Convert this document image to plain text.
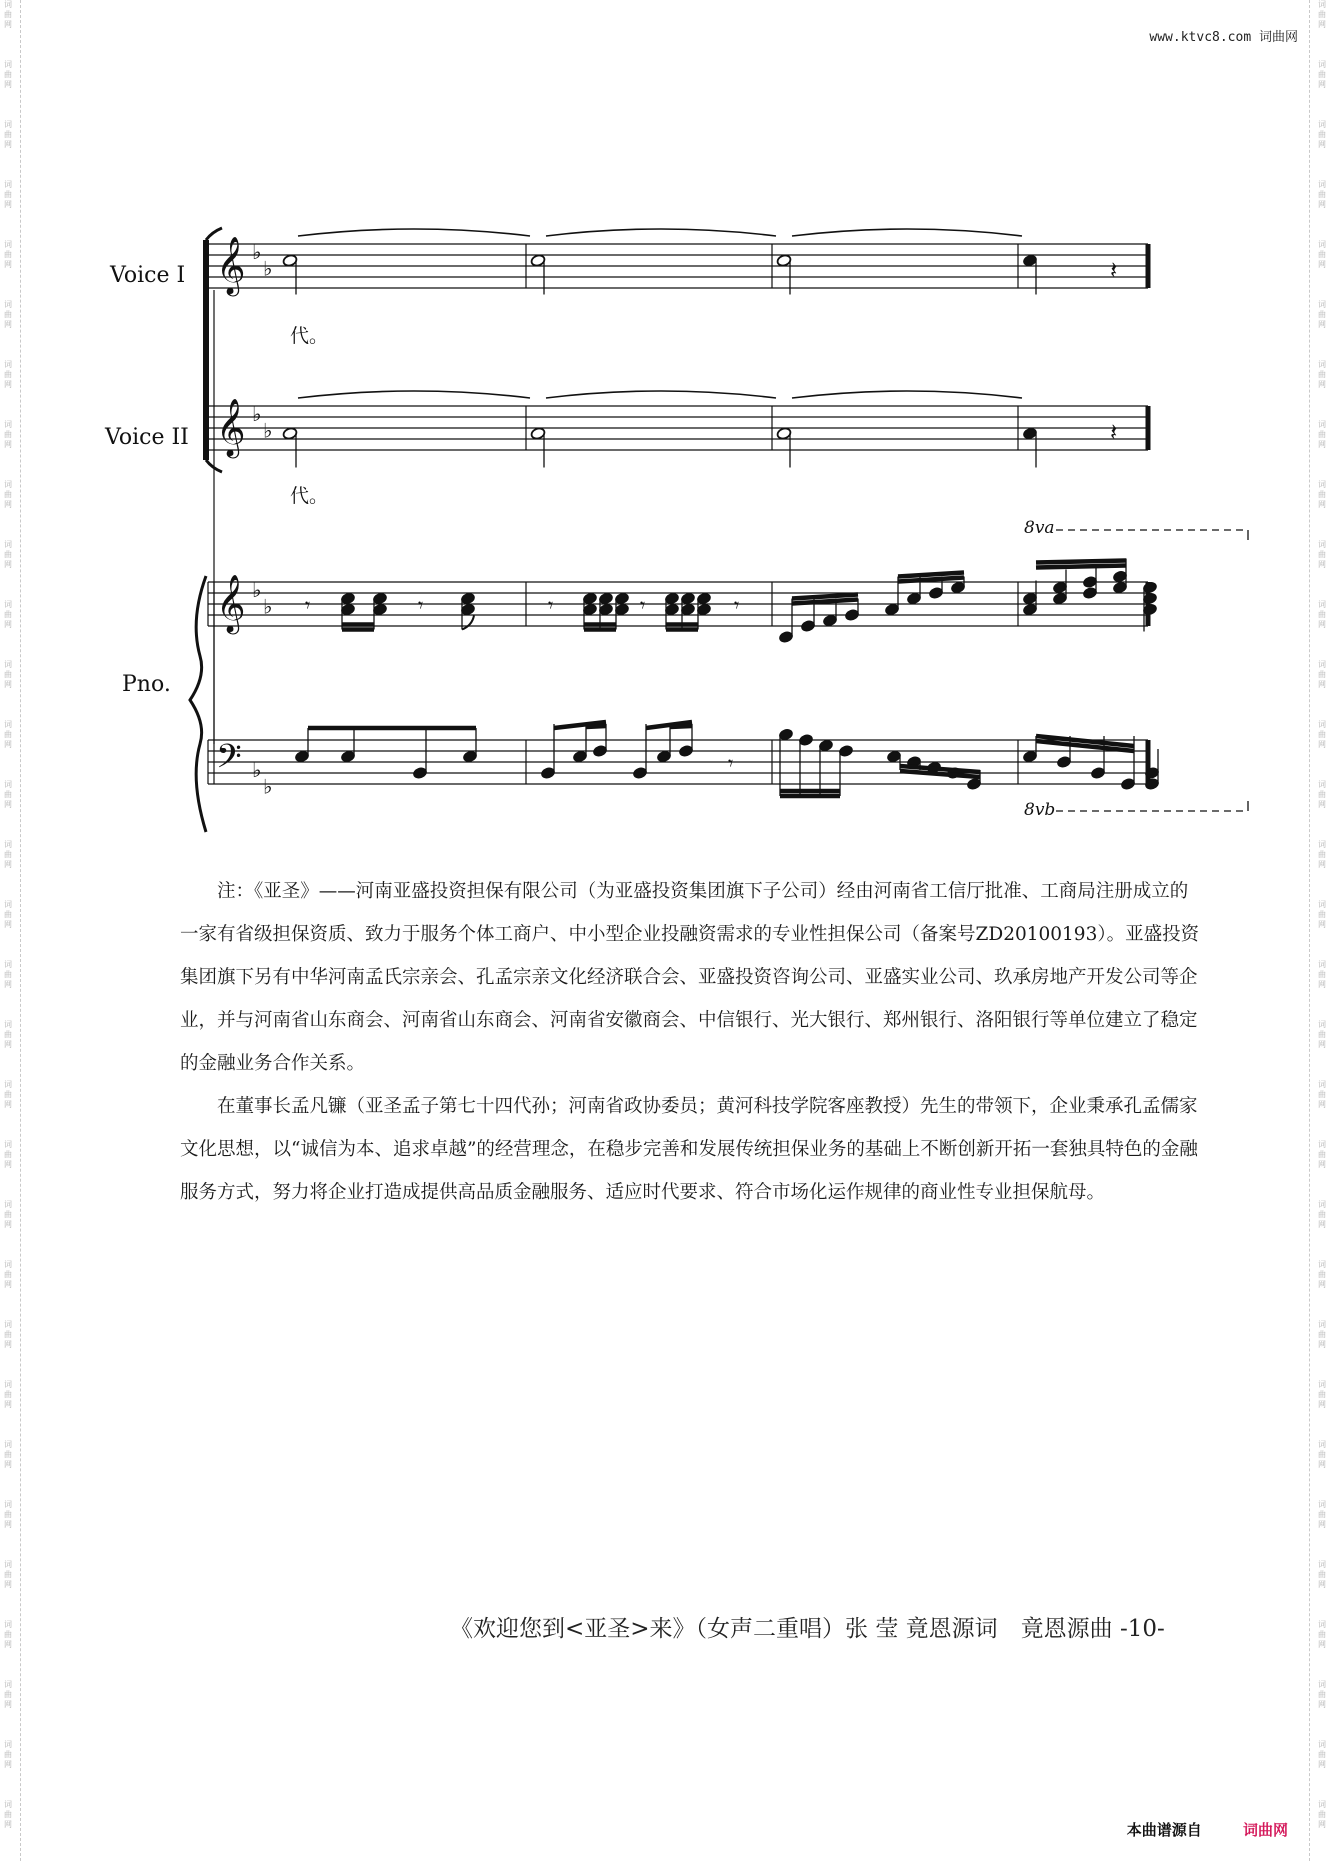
词
曲
网
词
曲
网
词
曲
网
词
曲
网
词
曲
网
词
曲
网
词
曲
网
词
曲
网
词
曲
网
词
曲
网
词
曲
网
词
曲
网
词
曲
网
词
曲
网
词
曲
网
词
曲
网
词
曲
网
词
曲
网
词
曲
网
词
曲
网
词
曲
网
词
曲
网
词
曲
网
词
曲
网
词
曲
网
词
曲
网
词
曲
网
词
曲
网
词
曲
网
词
曲
网
词
曲
网
词
曲
网
词
曲
网
词
曲
网
词
曲
网
词
曲
网
词
曲
网
词
曲
网
词
曲
网
词
曲
网
词
曲
网
词
曲
网
词
曲
网
词
曲
网
词
曲
网
词
曲
网
词
曲
网
词
曲
网
词
曲
网
词
曲
网
词
曲
网
词
曲
网
词
曲
网
词
曲
网
词
曲
网
词
曲
网
词
曲
网
词
曲
网
词
曲
网
词
曲
网
词
曲
网
词
曲
网
www.ktvc8.com 词曲网
𝄞 ♭
♭
Voice I	𝄽
代。
𝄞 ♭
♭
Voice II	𝄽
代。
8va
𝄞 ♭
♭
𝄢 ♭
♭
Pno.
𝄾	𝄾	𝄾	𝄾	𝄾
𝄾
8vb

注：《亚圣》——河南亚盛投资担保有限公司（为亚盛投资集团旗下子公司）经由河南省工信厅批准、工商局注册成立的一家有省级担保资质、致力于服务个体工商户、中小型企业投融资需求的专业性担保公司（备案号ZD20100193）。亚盛投资集团旗下另有中华河南孟氏宗亲会、孔孟宗亲文化经济联合会、亚盛投资咨询公司、亚盛实业公司、玖承房地产开发公司等企业，并与河南省山东商会、河南省山东商会、河南省安徽商会、中信银行、光大银行、郑州银行、洛阳银行等单位建立了稳定的金融业务合作关系。

在董事长孟凡镰（亚圣孟子第七十四代孙；河南省政协委员；黄河科技学院客座教授）先生的带领下，企业秉承孔孟儒家文化思想，以“诚信为本、追求卓越”的经营理念，在稳步完善和发展传统担保业务的基础上不断创新开拓一套独具特色的金融服务方式，努力将企业打造成提供高品质金融服务、适应时代要求、符合市场化运作规律的商业性专业担保航母。

《欢迎您到<亚圣>来》（女声二重唱）张 莹 竟恩源词　竟恩源曲 -10-
本曲谱源自	词曲网
